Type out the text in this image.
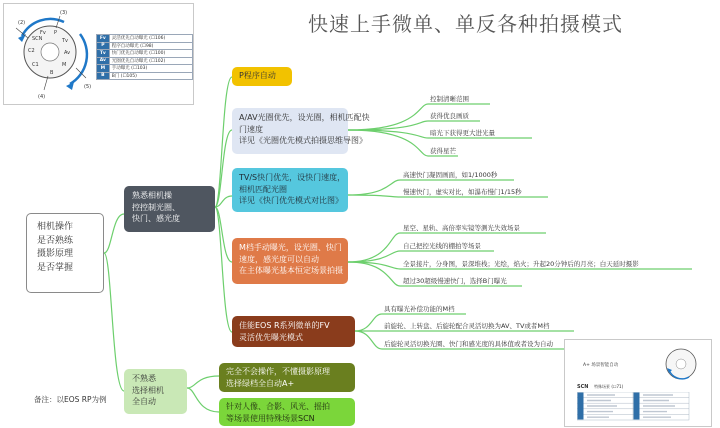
快速上手微单、单反各种拍摄模式
相机操作
是否熟练
摄影原理
是否掌握
熟悉相机操
控控制光圈、
快门、感光度
不熟悉
选择相机
全自动
P程序自动
A/AV光圈优先，设光圈，相机匹配快
门速度
详见《光圈优先模式拍摄思维导图》
TV/S快门优先，设快门速度，
相机匹配光圈
详见《快门优先模式对比图》
M档手动曝光，设光圈、快门
速度，感光度可以自动
在主体曝光基本恒定场景拍摄
佳能EOS R系列微单的FV
灵活优先曝光模式
完全不会操作，不懂摄影原理
选择绿档全自动A+
针对人像、合影、风光、摇拍
等场景使用特殊场景SCN
控制清晰范围
获得优良画质
暗光下获得更大进光量
获得星芒
高速快门凝固画面，如1/1000秒
慢速快门，虚实对比，如瀑布慢门1/15秒
星空、星轨、高倍率实镜等测光失效场景
自己把控光线的棚拍等场景
全景接片，分身图，景深堆栈；光绘，焰火；升起20分钟后的月亮；白天延时摄影
超过30超级慢速快门，选择B门曝光
具有曝光补偿功能的M档
前旋轮、上转盘、后旋轮配合灵活切换为AV、TV或者M档
后旋轮灵活切换光圈、快门和感光度的具体值或者设为自动
备注：以EOS RP为例
Fv P
Tv
Av
M
B
C1
C2
SCN
(2)
(3)
(4)
(5)
Fv	灵活优先自动曝光 (☐106)
P	程序自动曝光 (☐98)
Tv	快门优先自动曝光 (☐100)
Av	光圈优先自动曝光 (☐102)
M	手动曝光 (☐103)
B	B门 (☐105)
A+ 场景智能自动
SCN 特殊场景 (☐71)
